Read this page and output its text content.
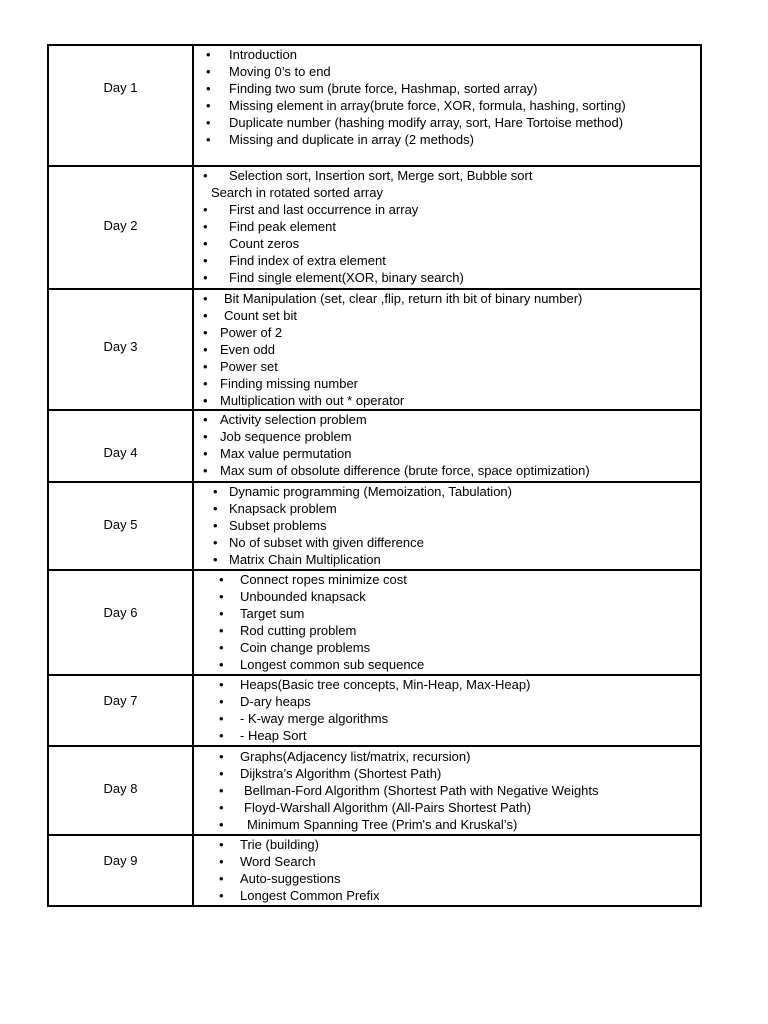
Day 1
• Introduction
• Moving 0’s to end
• Finding two sum (brute force, Hashmap, sorted array)
• Missing element in array(brute force, XOR, formula, hashing, sorting)
• Duplicate number (hashing modify array, sort, Hare Tortoise method)
• Missing and duplicate in array (2 methods)
Day 2
• Selection sort, Insertion sort, Merge sort, Bubble sort
Search in rotated sorted array
• First and last occurrence in array
• Find peak element
• Count zeros
• Find index of extra element
• Find single element(XOR, binary search)
Day 3
• Bit Manipulation (set, clear ,flip, return ith bit of binary number)
• Count set bit
• Power of 2
• Even odd
• Power set
• Finding missing number
• Multiplication with out * operator
Day 4
• Activity selection problem
• Job sequence problem
• Max value permutation
• Max sum of obsolute difference (brute force, space optimization)
Day 5
• Dynamic programming (Memoization, Tabulation)
• Knapsack problem
• Subset problems
• No of subset with given difference
• Matrix Chain Multiplication
Day 6
• Connect ropes minimize cost
• Unbounded knapsack
• Target sum
• Rod cutting problem
• Coin change problems
• Longest common sub sequence
Day 7
• Heaps(Basic tree concepts, Min-Heap, Max-Heap)
• D-ary heaps
• - K-way merge algorithms
• - Heap Sort
Day 8
• Graphs(Adjacency list/matrix, recursion)
• Dijkstra’s Algorithm (Shortest Path)
• Bellman-Ford Algorithm (Shortest Path with Negative Weights
• Floyd-Warshall Algorithm (All-Pairs Shortest Path)
• Minimum Spanning Tree (Prim's and Kruskal’s)
Day 9
• Trie (building)
• Word Search
• Auto-suggestions
• Longest Common Prefix
